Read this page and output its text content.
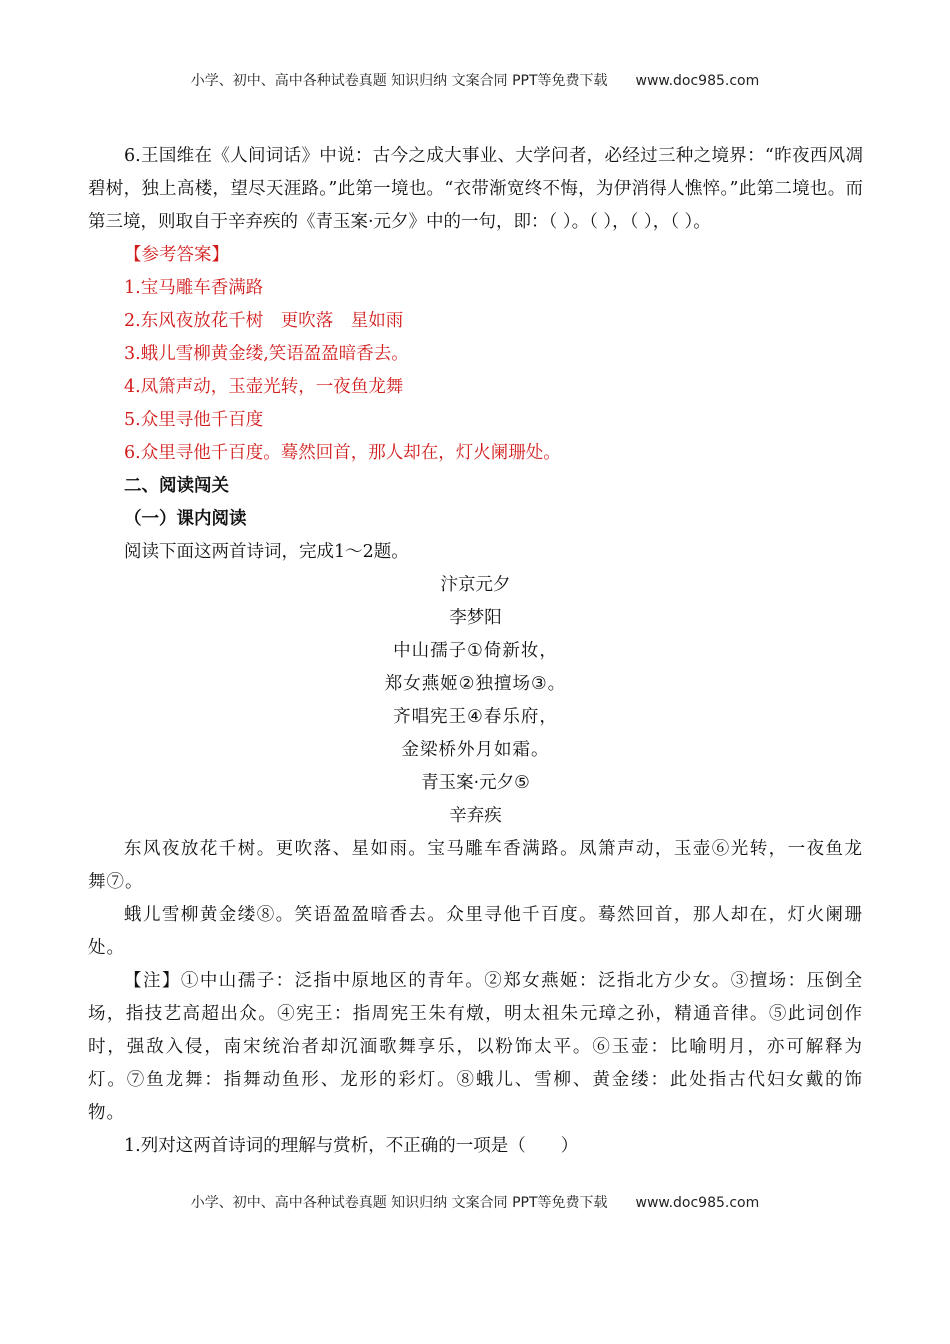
小学、初中、高中各种试卷真题 知识归纳 文案合同 PPT等免费下载 www.doc985.com

6.王国维在《人间词话》中说：古今之成大事业、大学问者，必经过三种之境界：“昨夜西风凋碧树，独上高楼，望尽天涯路。”此第一境也。“衣带渐宽终不悔，为伊消得人憔悴。”此第二境也。而第三境，则取自于辛弃疾的《青玉案·元夕》中的一句，即：（ ）。（ ），（ ），（ ）。

【参考答案】

1.宝马雕车香满路

2.东风夜放花千树　更吹落　星如雨

3.蛾儿雪柳黄金缕,笑语盈盈暗香去。

4.凤箫声动，玉壶光转，一夜鱼龙舞

5.众里寻他千百度

6.众里寻他千百度。蓦然回首，那人却在，灯火阑珊处。

二、阅读闯关

（一）课内阅读

阅读下面这两首诗词，完成1～2题。

汴京元夕

李梦阳

中山孺子①倚新妆，

郑女燕姬②独擅场③。

齐唱宪王④春乐府，

金梁桥外月如霜。

青玉案·元夕⑤

辛弃疾

东风夜放花千树。更吹落、星如雨。宝马雕车香满路。凤箫声动，玉壶⑥光转，一夜鱼龙舞⑦。

蛾儿雪柳黄金缕⑧。笑语盈盈暗香去。众里寻他千百度。蓦然回首，那人却在，灯火阑珊处。

【注】①中山孺子：泛指中原地区的青年。②郑女燕姬：泛指北方少女。③擅场：压倒全场，指技艺高超出众。④宪王：指周宪王朱有燉，明太祖朱元璋之孙，精通音律。⑤此词创作时，强敌入侵，南宋统治者却沉湎歌舞享乐，以粉饰太平。⑥玉壶：比喻明月，亦可解释为灯。⑦鱼龙舞：指舞动鱼形、龙形的彩灯。⑧蛾儿、雪柳、黄金缕：此处指古代妇女戴的饰物。

1.列对这两首诗词的理解与赏析，不正确的一项是（　　）

小学、初中、高中各种试卷真题 知识归纳 文案合同 PPT等免费下载 www.doc985.com
